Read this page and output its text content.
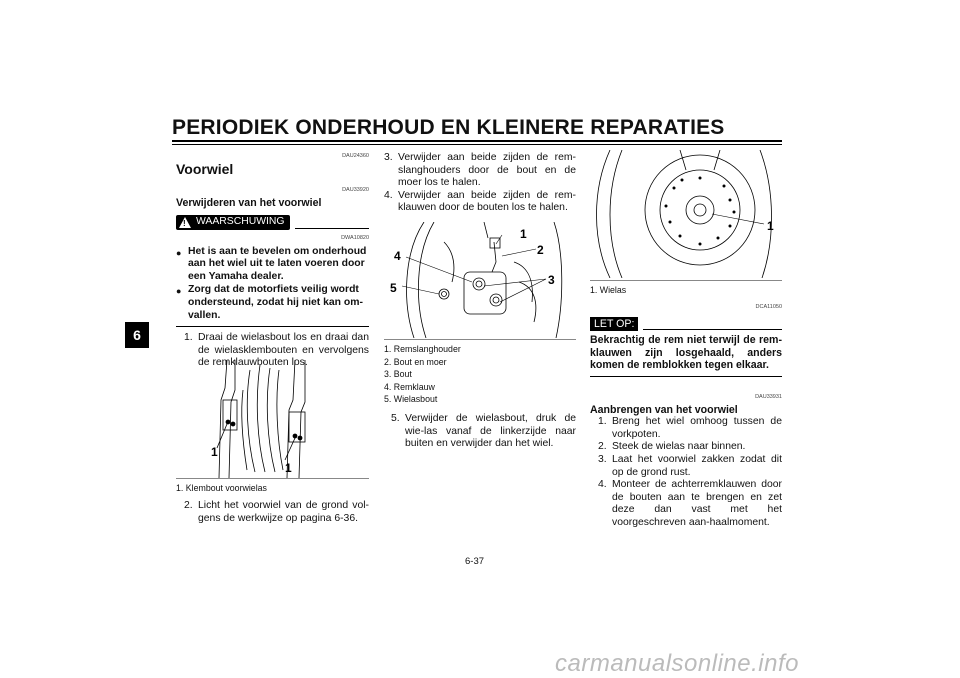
PERIODIEK ONDERHOUD EN KLEINERE REPARATIES
6
DAU24360
Voorwiel
DAU33920
Verwijderen van het voorwiel
! WAARSCHUWING
DWA10820
● Het is aan te bevelen om onderhoud aan het wiel uit te laten voeren door een Yamaha dealer.
● Zorg dat de motorfiets veilig wordt ondersteund, zodat hij niet kan om-vallen.
1. Draai de wielasbout los en draai dan de wielasklembouten en vervolgens de remklauwbouten los.
1
1
1. Klembout voorwielas
2. Licht het voorwiel van de grond vol-gens de werkwijze op pagina 6-36.
3. Verwijder aan beide zijden de rem-slanghouders door de bout en de moer los te halen.
4. Verwijder aan beide zijden de rem-klauwen door de bouten los te halen.
1
2
3
4
5
1. Remslanghouder
2. Bout en moer
3. Bout
4. Remklauw
5. Wielasbout
5. Verwijder de wielasbout, druk de wie-las vanaf de linkerzijde naar buiten en verwijder dan het wiel.
1
1. Wielas
DCA11050
LET OP:
Bekrachtig de rem niet terwijl de rem-klauwen zijn losgehaald, anders komen de remblokken tegen elkaar.
DAU33931
Aanbrengen van het voorwiel
1. Breng het wiel omhoog tussen de vorkpoten.
2. Steek de wielas naar binnen.
3. Laat het voorwiel zakken zodat dit op de grond rust.
4. Monteer de achterremklauwen door de bouten aan te brengen en zet deze dan vast met het voorgeschreven aan-haalmoment.
6-37
carmanualsonline.info
